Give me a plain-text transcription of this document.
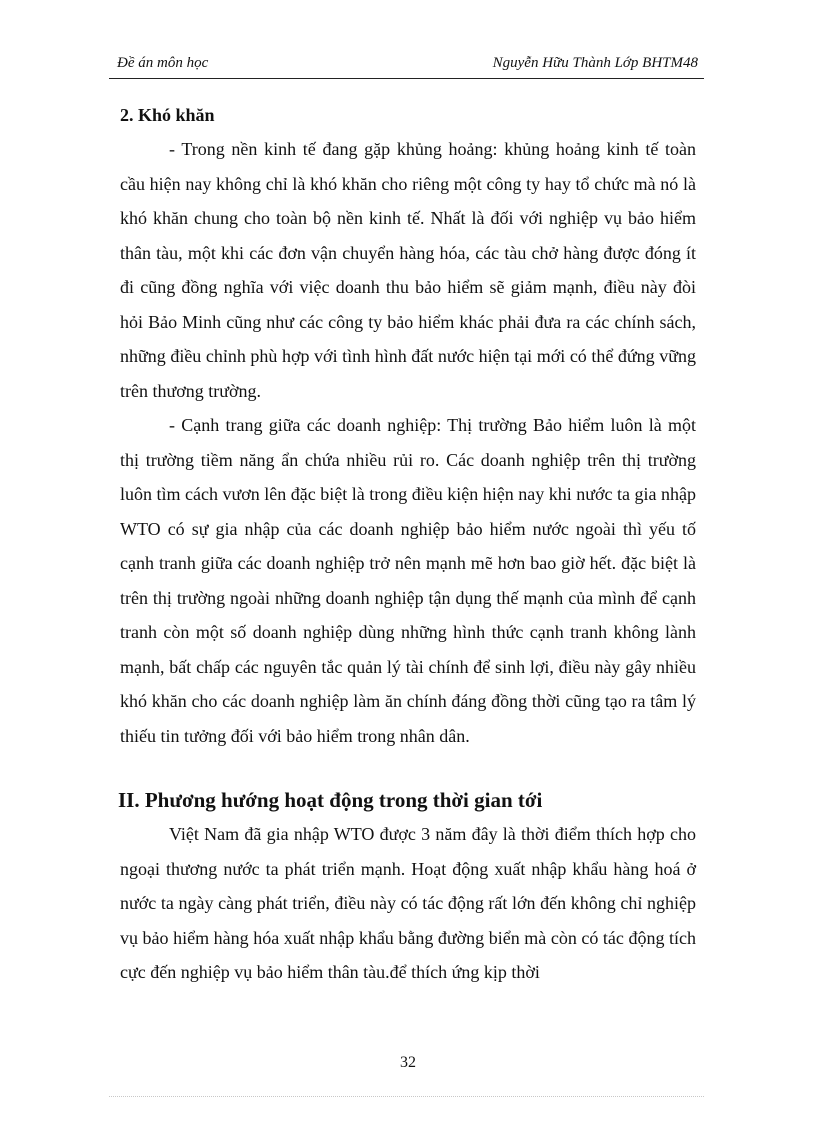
Đề án môn học	Nguyễn Hữu Thành Lớp BHTM48
2. Khó khăn

- Trong nền kinh tế đang gặp khủng hoảng: khủng hoảng kinh tế toàn cầu hiện nay không chỉ là khó khăn cho riêng một công ty hay tổ chức mà nó là khó khăn chung cho toàn bộ nền kinh tế. Nhất là đối với nghiệp vụ bảo hiểm thân tàu, một khi các đơn vận chuyển hàng hóa, các tàu chở hàng được đóng ít đi cũng đồng nghĩa với việc doanh thu bảo hiểm sẽ giảm mạnh, điều này đòi hỏi Bảo Minh cũng như các công ty bảo hiểm khác phải đưa ra các chính sách, những điều chỉnh phù hợp với tình hình đất nước hiện tại mới có thể đứng vững trên thương trường.

- Cạnh trang giữa các doanh nghiệp: Thị trường Bảo hiểm luôn là một thị trường tiềm năng ẩn chứa nhiều rủi ro. Các doanh nghiệp trên thị trường luôn tìm cách vươn lên đặc biệt là trong điều kiện hiện nay khi nước ta gia nhập WTO có sự gia nhập của các doanh nghiệp bảo hiểm nước ngoài thì yếu tố cạnh tranh giữa các doanh nghiệp trở nên mạnh mẽ hơn bao giờ hết. đặc biệt là trên thị trường ngoài những doanh nghiệp tận dụng thế mạnh của mình để cạnh tranh còn một số doanh nghiệp dùng những hình thức cạnh tranh không lành mạnh, bất chấp các nguyên tắc quản lý tài chính để sinh lợi, điều này gây nhiều khó khăn cho các doanh nghiệp làm ăn chính đáng đồng thời cũng tạo ra tâm lý thiếu tin tưởng đối với bảo hiểm trong nhân dân.

II. Phương hướng hoạt động trong thời gian tới

Việt Nam đã gia nhập WTO được 3 năm đây là thời điểm thích hợp cho ngoại thương nước ta phát triển mạnh. Hoạt động xuất nhập khẩu hàng hoá ở nước ta ngày càng phát triển, điều này có tác động rất lớn đến không chỉ nghiệp vụ bảo hiểm hàng hóa xuất nhập khẩu bằng đường biển mà còn có tác động tích cực đến nghiệp vụ bảo hiểm thân tàu.để thích ứng kịp thời

32
